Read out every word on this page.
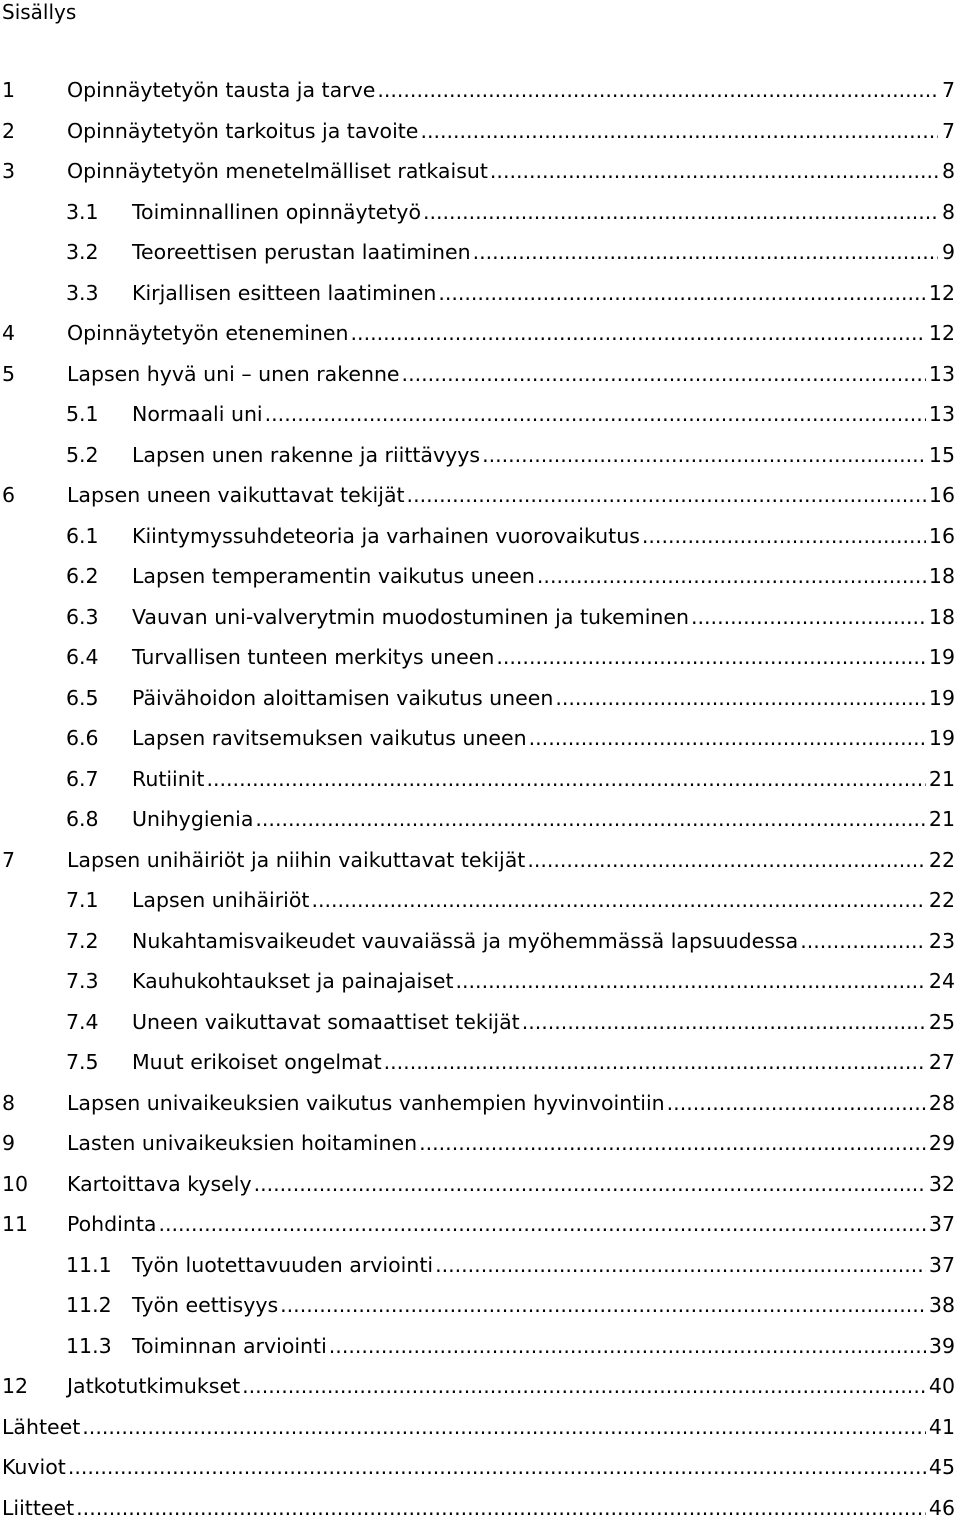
Sisällys
1	Opinnäytetyön tausta ja tarve .....	7
2	Opinnäytetyön tarkoitus ja tavoite .....	7
3	Opinnäytetyön menetelmälliset ratkaisut .....	8
3.1	Toiminnallinen opinnäytetyö .....	8
3.2	Teoreettisen perustan laatiminen .....	9
3.3	Kirjallisen esitteen laatiminen .....	12
4	Opinnäytetyön eteneminen .....	12
5	Lapsen hyvä uni – unen rakenne .....	13
5.1	Normaali uni .....	13
5.2	Lapsen unen rakenne ja riittävyys .....	15
6	Lapsen uneen vaikuttavat tekijät .....	16
6.1	Kiintymyssuhdeteoria ja varhainen vuorovaikutus .....	16
6.2	Lapsen temperamentin vaikutus uneen .....	18
6.3	Vauvan uni-valverytmin muodostuminen ja tukeminen .....	18
6.4	Turvallisen tunteen merkitys uneen .....	19
6.5	Päivähoidon aloittamisen vaikutus uneen .....	19
6.6	Lapsen ravitsemuksen vaikutus uneen .....	19
6.7	Rutiinit .....	21
6.8	Unihygienia .....	21
7	Lapsen unihäiriöt ja niihin vaikuttavat tekijät .....	22
7.1	Lapsen unihäiriöt .....	22
7.2	Nukahtamisvaikeudet vauvaiässä ja myöhemmässä lapsuudessa .....	23
7.3	Kauhukohtaukset ja painajaiset .....	24
7.4	Uneen vaikuttavat somaattiset tekijät .....	25
7.5	Muut erikoiset ongelmat .....	27
8	Lapsen univaikeuksien vaikutus vanhempien hyvinvointiin .....	28
9	Lasten univaikeuksien hoitaminen .....	29
10	Kartoittava kysely .....	32
11	Pohdinta .....	37
11.1 Työn luotettavuuden arviointi .....	37
11.2 Työn eettisyys .....	38
11.3 Toiminnan arviointi .....	39
12	Jatkotutkimukset .....	40
Lähteet .....	41
Kuviot .....	45
Liitteet .....	46
